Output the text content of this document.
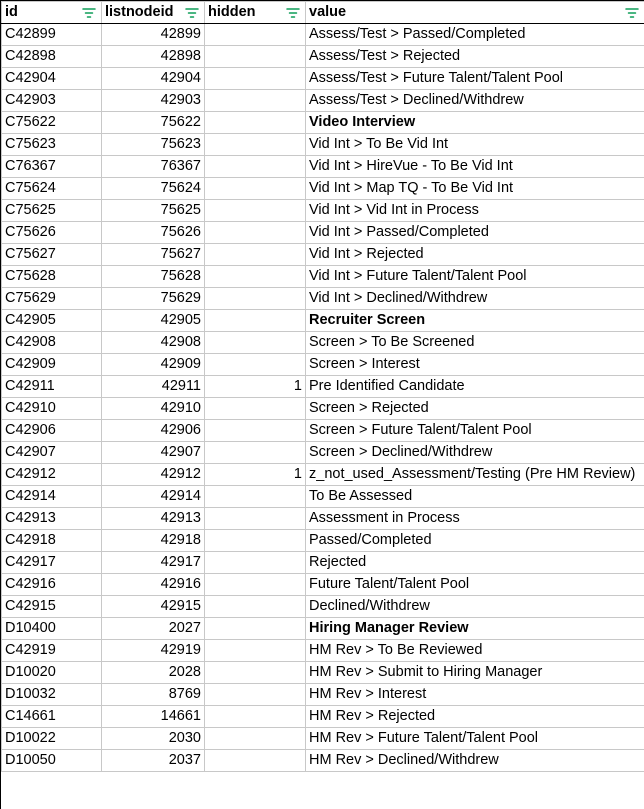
id	listnodeid	hidden	value

C42899	42899		Assess/Test > Passed/Completed
C42898	42898		Assess/Test > Rejected
C42904	42904		Assess/Test > Future Talent/Talent Pool
C42903	42903		Assess/Test > Declined/Withdrew
C75622	75622		Video Interview
C75623	75623		Vid Int > To Be Vid Int
C76367	76367		Vid Int > HireVue - To Be Vid Int
C75624	75624		Vid Int > Map TQ - To Be Vid Int
C75625	75625		Vid Int > Vid Int in Process
C75626	75626		Vid Int > Passed/Completed
C75627	75627		Vid Int > Rejected
C75628	75628		Vid Int > Future Talent/Talent Pool
C75629	75629		Vid Int > Declined/Withdrew
C42905	42905		Recruiter Screen
C42908	42908		Screen > To Be Screened
C42909	42909		Screen > Interest
C42911	42911	1	Pre Identified Candidate
C42910	42910		Screen > Rejected
C42906	42906		Screen > Future Talent/Talent Pool
C42907	42907		Screen > Declined/Withdrew
C42912	42912	1	z_not_used_Assessment/Testing (Pre HM Review)
C42914	42914		To Be Assessed
C42913	42913		Assessment in Process
C42918	42918		Passed/Completed
C42917	42917		Rejected
C42916	42916		Future Talent/Talent Pool
C42915	42915		Declined/Withdrew
D10400	2027		Hiring Manager Review
C42919	42919		HM Rev > To Be Reviewed
D10020	2028		HM Rev > Submit to Hiring Manager
D10032	8769		HM Rev > Interest
C14661	14661		HM Rev > Rejected
D10022	2030		HM Rev > Future Talent/Talent Pool
D10050	2037		HM Rev > Declined/Withdrew
